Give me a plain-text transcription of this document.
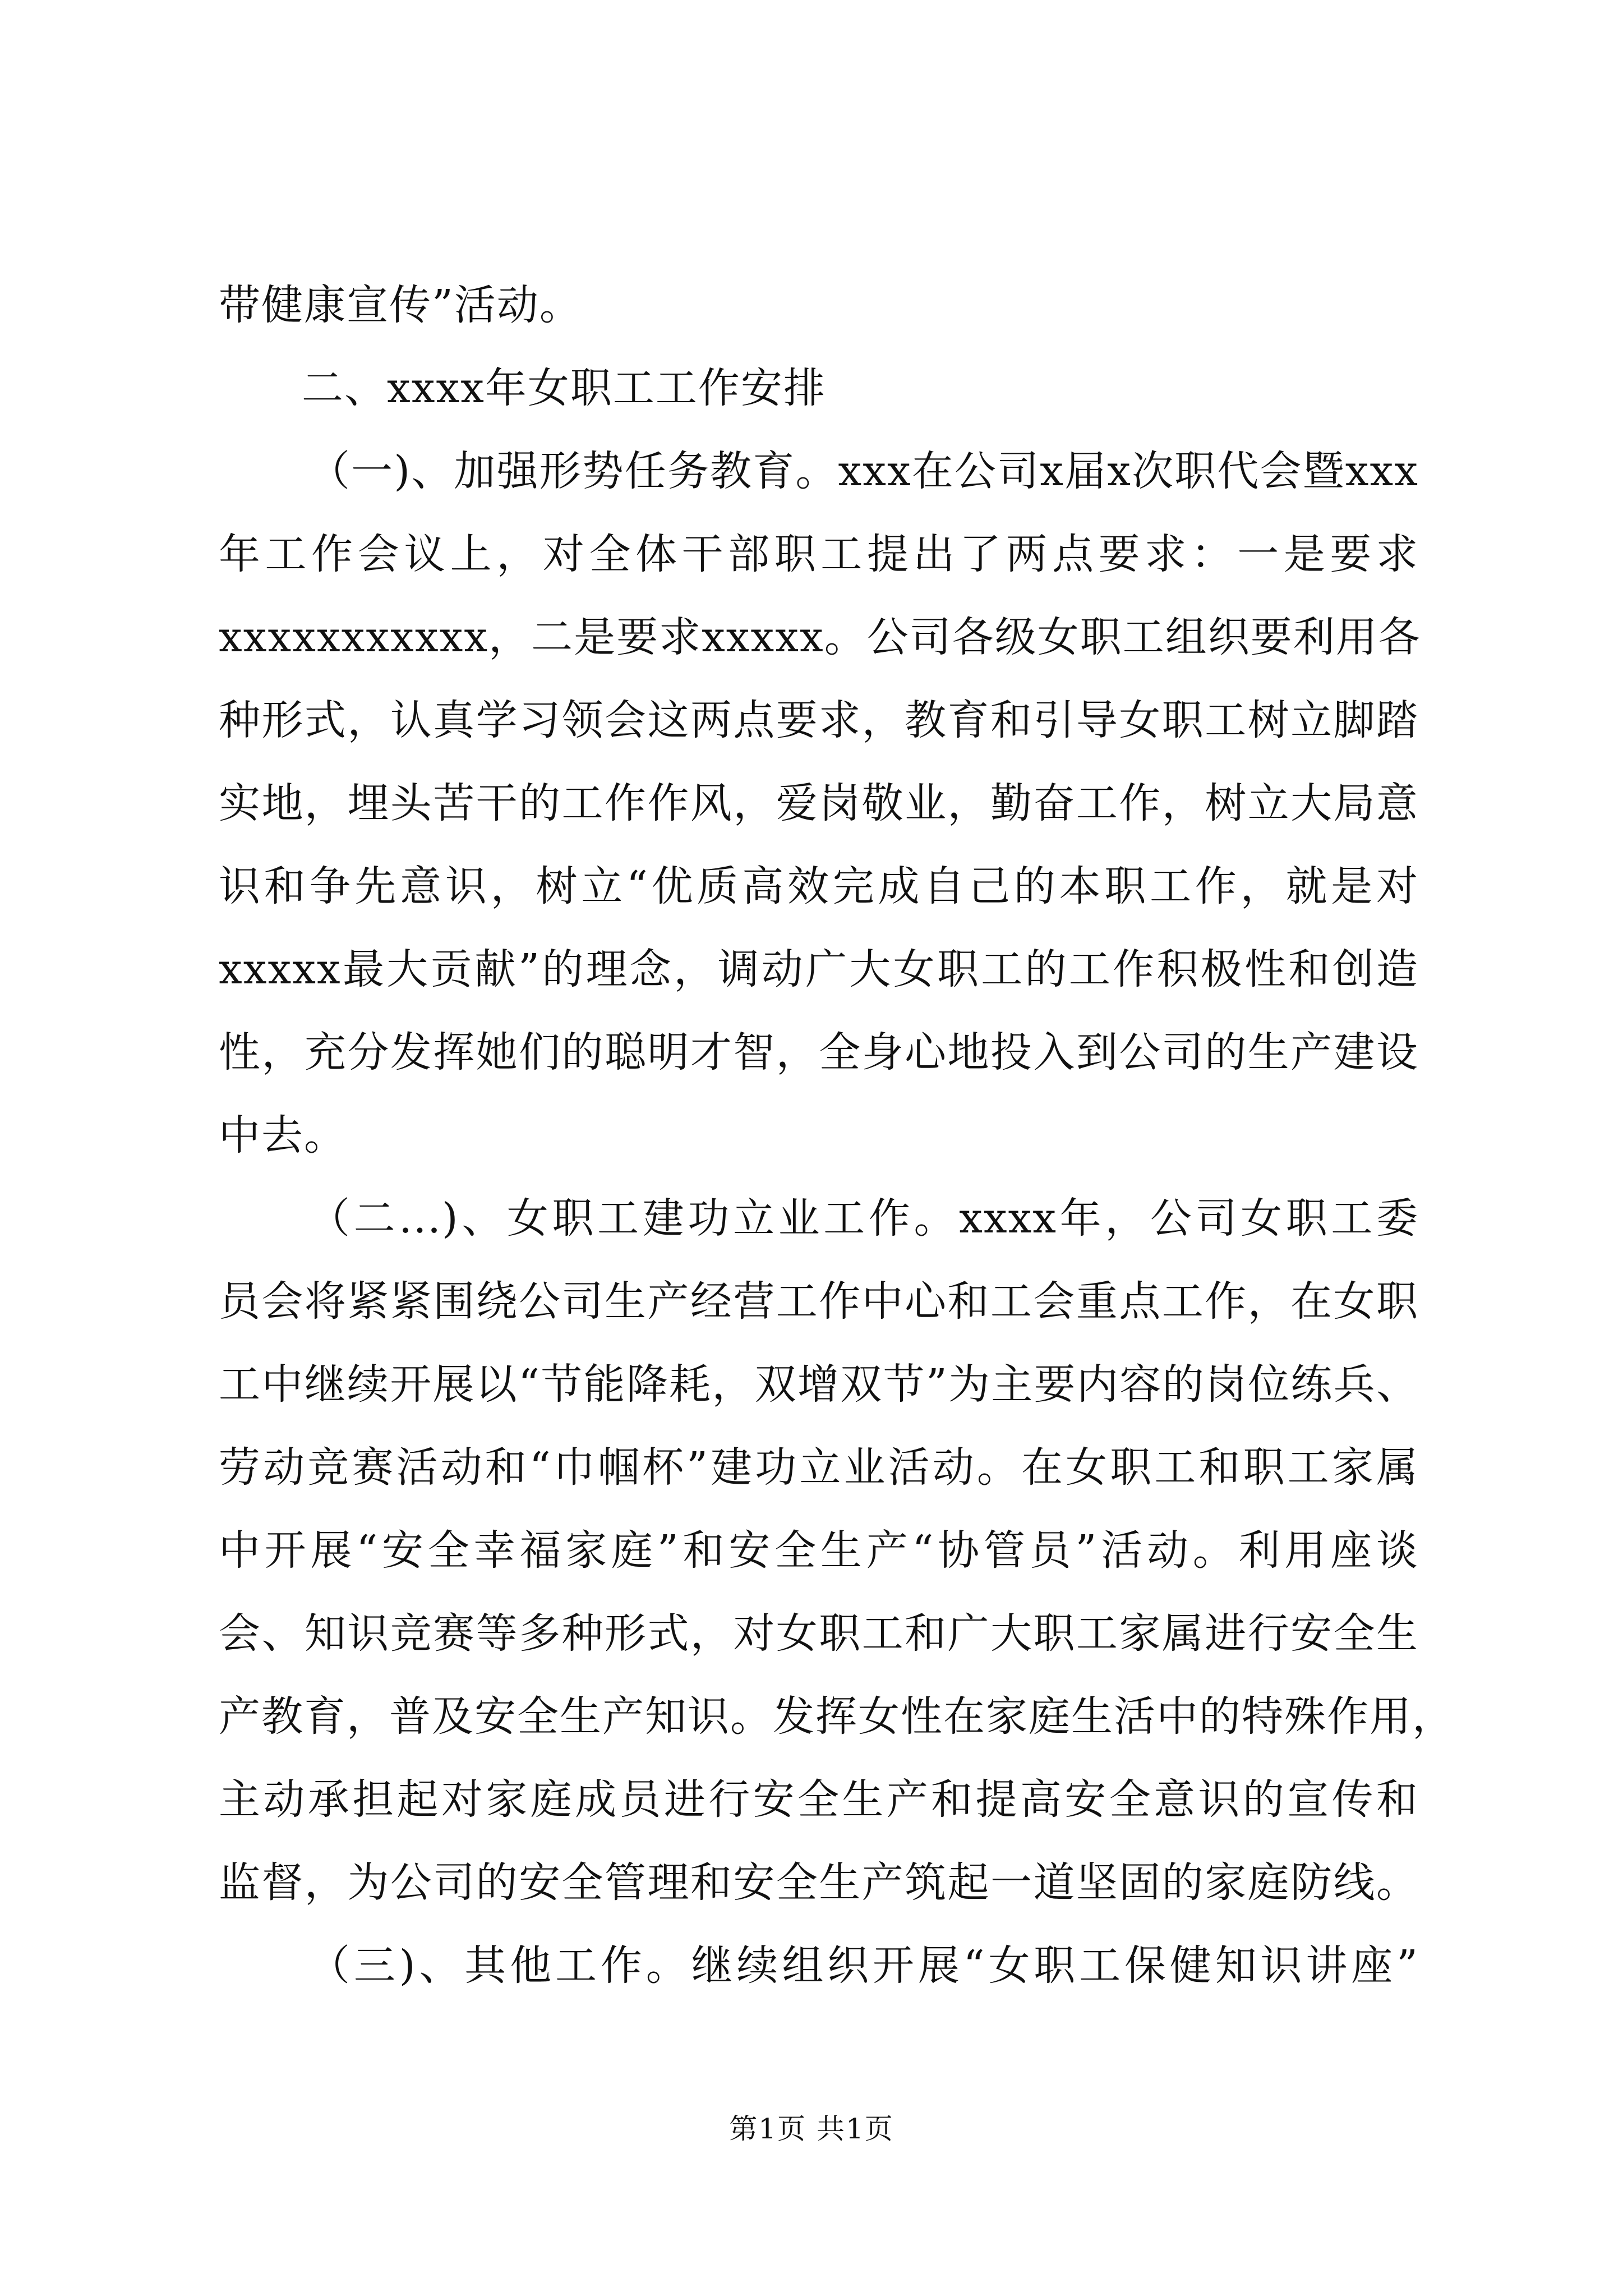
带健康宣传”活动。
二、xxxx年女职工工作安排
（一)、加强形势任务教育。xxx在公司x届x次职代会暨xxx
年工作会议上，对全体干部职工提出了两点要求：一是要求
xxxxxxxxxxx，二是要求xxxxx。公司各级女职工组织要利用各
种形式，认真学习领会这两点要求，教育和引导女职工树立脚踏
实地，埋头苦干的工作作风，爱岗敬业，勤奋工作，树立大局意
识和争先意识，树立“优质高效完成自己的本职工作，就是对
xxxxx最大贡献”的理念，调动广大女职工的工作积极性和创造
性，充分发挥她们的聪明才智，全身心地投入到公司的生产建设
中去。
（二...)、女职工建功立业工作。xxxx年，公司女职工委
员会将紧紧围绕公司生产经营工作中心和工会重点工作，在女职
工中继续开展以“节能降耗，双增双节”为主要内容的岗位练兵、
劳动竞赛活动和“巾帼杯”建功立业活动。在女职工和职工家属
中开展“安全幸福家庭”和安全生产“协管员”活动。利用座谈
会、知识竞赛等多种形式，对女职工和广大职工家属进行安全生
产教育，普及安全生产知识。发挥女性在家庭生活中的特殊作用，
主动承担起对家庭成员进行安全生产和提高安全意识的宣传和
监督，为公司的安全管理和安全生产筑起一道坚固的家庭防线。
（三)、其他工作。继续组织开展“女职工保健知识讲座”
第1页 共1页
